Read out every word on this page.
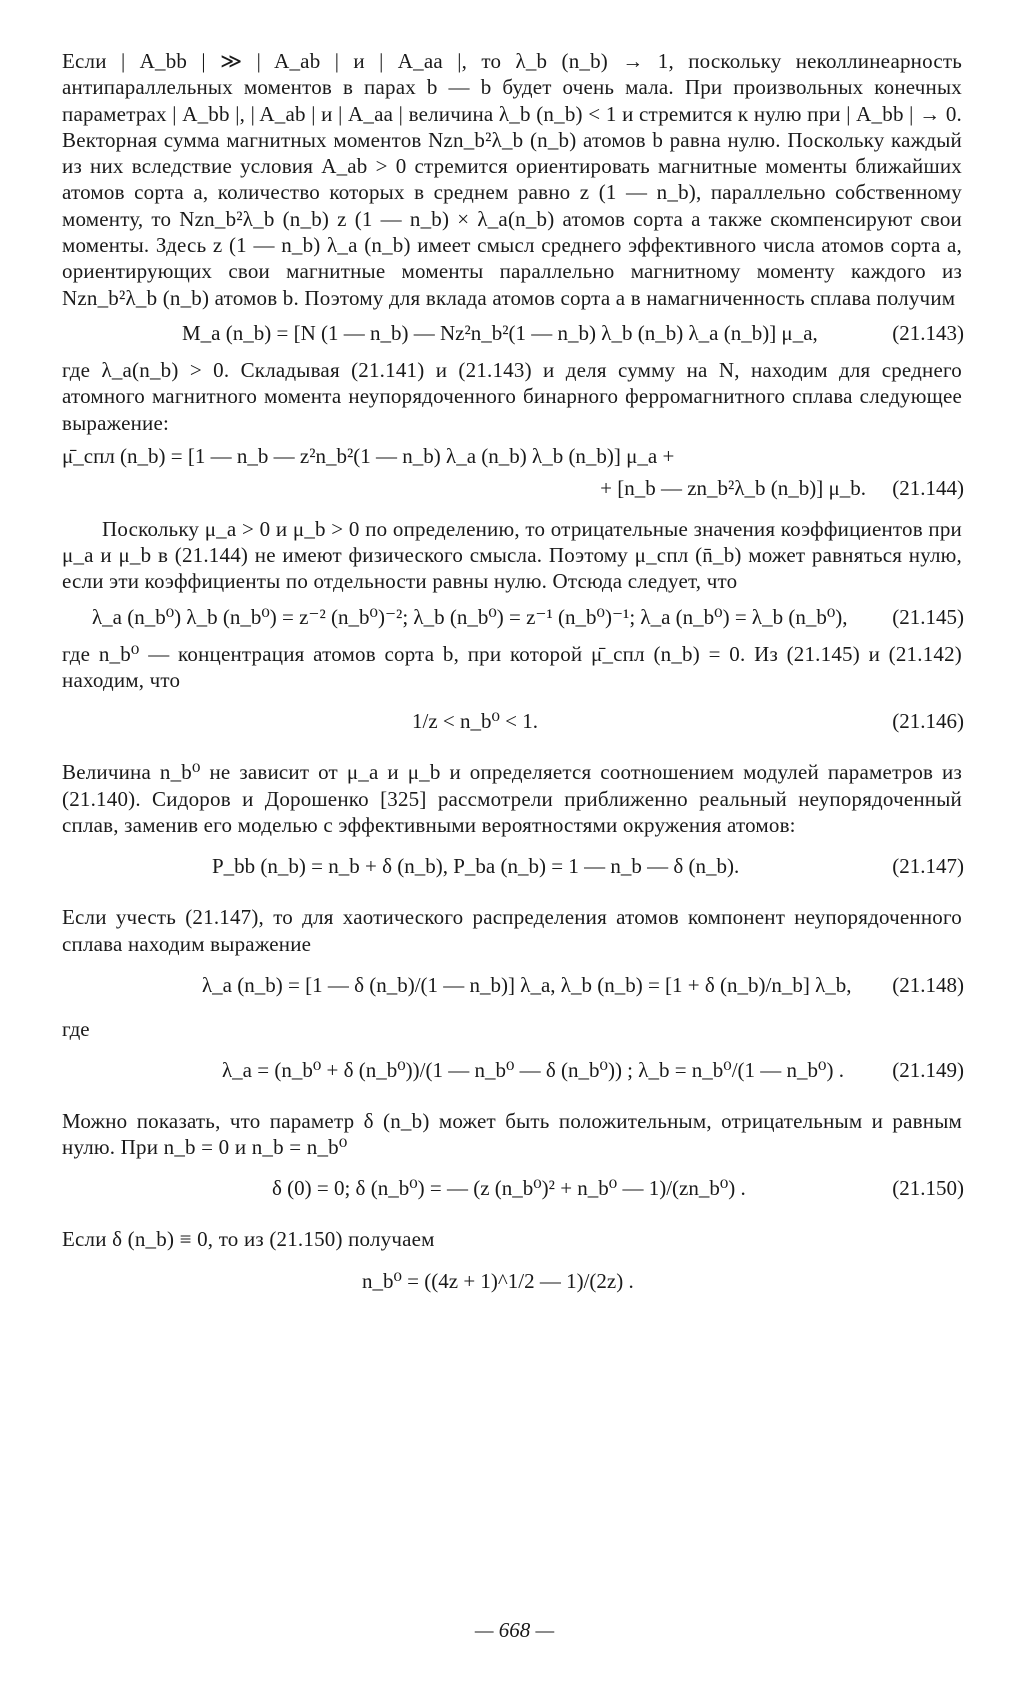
Если | A_bb | ≫ | A_ab | и | A_aa |, то λ_b (n_b) → 1, поскольку неколлинеарность антипараллельных моментов в парах b — b будет очень мала. При произвольных конечных параметрах | A_bb |, | A_ab | и | A_aa | величина λ_b (n_b) < 1 и стремится к нулю при | A_bb | → 0. Векторная сумма магнитных моментов Nzn_b²λ_b (n_b) атомов b равна нулю. Поскольку каждый из них вследствие условия A_ab > 0 стремится ориентировать магнитные моменты ближайших атомов сорта a, количество которых в среднем равно z (1 — n_b), параллельно собственному моменту, то Nzn_b²λ_b (n_b) z (1 — n_b) × λ_a(n_b) атомов сорта a также скомпенсируют свои моменты. Здесь z (1 — n_b) λ_a (n_b) имеет смысл среднего эффективного числа атомов сорта a, ориентирующих свои магнитные моменты параллельно магнитному моменту каждого из Nzn_b²λ_b (n_b) атомов b. Поэтому для вклада атомов сорта a в намагниченность сплава получим

M_a (n_b) = [N (1 — n_b) — Nz²n_b²(1 — n_b) λ_b (n_b) λ_a (n_b)] μ_a,	(21.143)

где λ_a(n_b) > 0. Складывая (21.141) и (21.143) и деля сумму на N, находим для среднего атомного магнитного момента неупорядоченного бинарного ферромагнитного сплава следующее выражение:

μ̄_спл (n_b) = [1 — n_b — z²n_b²(1 — n_b) λ_a (n_b) λ_b (n_b)] μ_a +
+ [n_b — zn_b²λ_b (n_b)] μ_b. (21.144)

Поскольку μ_a > 0 и μ_b > 0 по определению, то отрицательные значения коэффициентов при μ_a и μ_b в (21.144) не имеют физического смысла. Поэтому μ_спл (n̄_b) может равняться нулю, если эти коэффициенты по отдельности равны нулю. Отсюда следует, что

λ_a (n_b⁰) λ_b (n_b⁰) = z⁻² (n_b⁰)⁻²; λ_b (n_b⁰) = z⁻¹ (n_b⁰)⁻¹; λ_a (n_b⁰) = λ_b (n_b⁰), (21.145)

где n_b⁰ — концентрация атомов сорта b, при которой μ̄_спл (n_b) = 0. Из (21.145) и (21.142) находим, что

1/z < n_b⁰ < 1.	(21.146)

Величина n_b⁰ не зависит от μ_a и μ_b и определяется соотношением модулей параметров из (21.140). Сидоров и Дорошенко [325] рассмотрели приближенно реальный неупорядоченный сплав, заменив его моделью с эффективными вероятностями окружения атомов:

P_bb (n_b) = n_b + δ (n_b), P_ba (n_b) = 1 — n_b — δ (n_b).	(21.147)

Если учесть (21.147), то для хаотического распределения атомов компонент неупорядоченного сплава находим выражение

λ_a (n_b) = [1 — δ (n_b)/(1 — n_b)] λ_a, λ_b (n_b) = [1 + δ (n_b)/n_b] λ_b, (21.148)

где

λ_a = (n_b⁰ + δ (n_b⁰))/(1 — n_b⁰ — δ (n_b⁰)) ; λ_b = n_b⁰/(1 — n_b⁰) . (21.149)

Можно показать, что параметр δ (n_b) может быть положительным, отрицательным и равным нулю. При n_b = 0 и n_b = n_b⁰

δ (0) = 0; δ (n_b⁰) = — (z (n_b⁰)² + n_b⁰ — 1)/(zn_b⁰) .	(21.150)

Если δ (n_b) ≡ 0, то из (21.150) получаем

n_b⁰ = ((4z + 1)^1/2 — 1)/(2z) .
— 668 —
